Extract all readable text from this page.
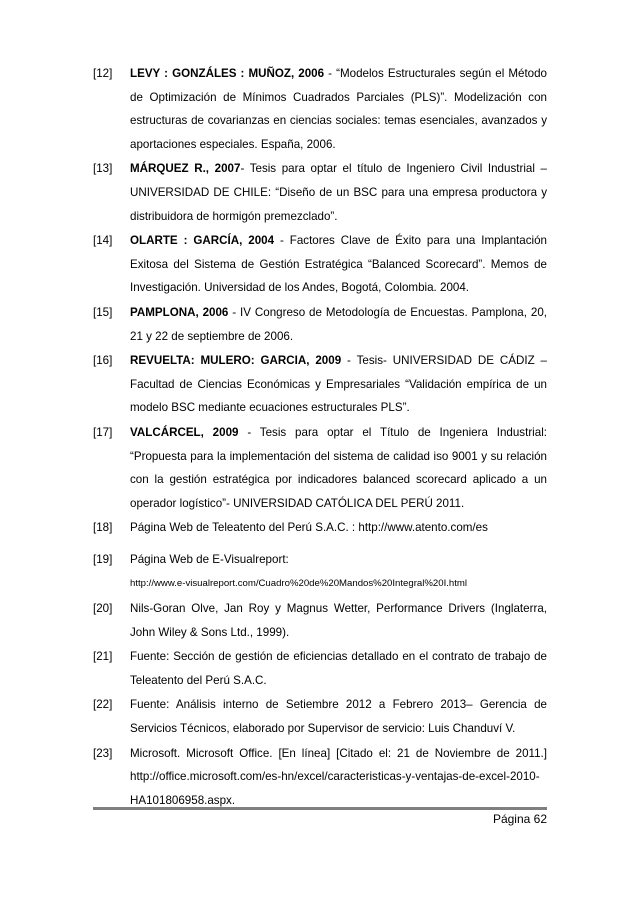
[12] LEVY : GONZÁLES : MUÑOZ, 2006 - “Modelos Estructurales según el Método de Optimización de Mínimos Cuadrados Parciales (PLS)”. Modelización con estructuras de covarianzas en ciencias sociales: temas esenciales, avanzados y aportaciones especiales. España, 2006.
[13] MÁRQUEZ R., 2007- Tesis para optar el título de Ingeniero Civil Industrial – UNIVERSIDAD DE CHILE: “Diseño de un BSC para una empresa productora y distribuidora de hormigón premezclado”.
[14] OLARTE : GARCÍA, 2004 - Factores Clave de Éxito para una Implantación Exitosa del Sistema de Gestión Estratégica “Balanced Scorecard”. Memos de Investigación. Universidad de los Andes, Bogotá, Colombia. 2004.
[15] PAMPLONA, 2006 - IV Congreso de Metodología de Encuestas. Pamplona, 20, 21 y 22 de septiembre de 2006.
[16] REVUELTA: MULERO: GARCIA, 2009 - Tesis- UNIVERSIDAD DE CÁDIZ – Facultad de Ciencias Económicas y Empresariales “Validación empírica de un modelo BSC mediante ecuaciones estructurales PLS”.
[17] VALCÁRCEL, 2009 - Tesis para optar el Título de Ingeniera Industrial: “Propuesta para la implementación del sistema de calidad iso 9001 y su relación con la gestión estratégica por indicadores balanced scorecard aplicado a un operador logístico”- UNIVERSIDAD CATÓLICA DEL PERÚ 2011.
[18] Página Web de Teleatento del Perú S.A.C. : http://www.atento.com/es
[19] Página Web de E-Visualreport:
http://www.e-visualreport.com/Cuadro%20de%20Mandos%20Integral%20I.html
[20] Nils-Goran Olve, Jan Roy y Magnus Wetter, Performance Drivers (Inglaterra, John Wiley & Sons Ltd., 1999).
[21] Fuente: Sección de gestión de eficiencias detallado en el contrato de trabajo de Teleatento del Perú S.A.C.
[22] Fuente: Análisis interno de Setiembre 2012 a Febrero 2013– Gerencia de Servicios Técnicos, elaborado por Supervisor de servicio: Luis Chanduví V.
[23] Microsoft. Microsoft Office. [En línea] [Citado el: 21 de Noviembre de 2011.] http://office.microsoft.com/es-hn/excel/caracteristicas-y-ventajas-de-excel-2010-HA101806958.aspx.
Página 62
